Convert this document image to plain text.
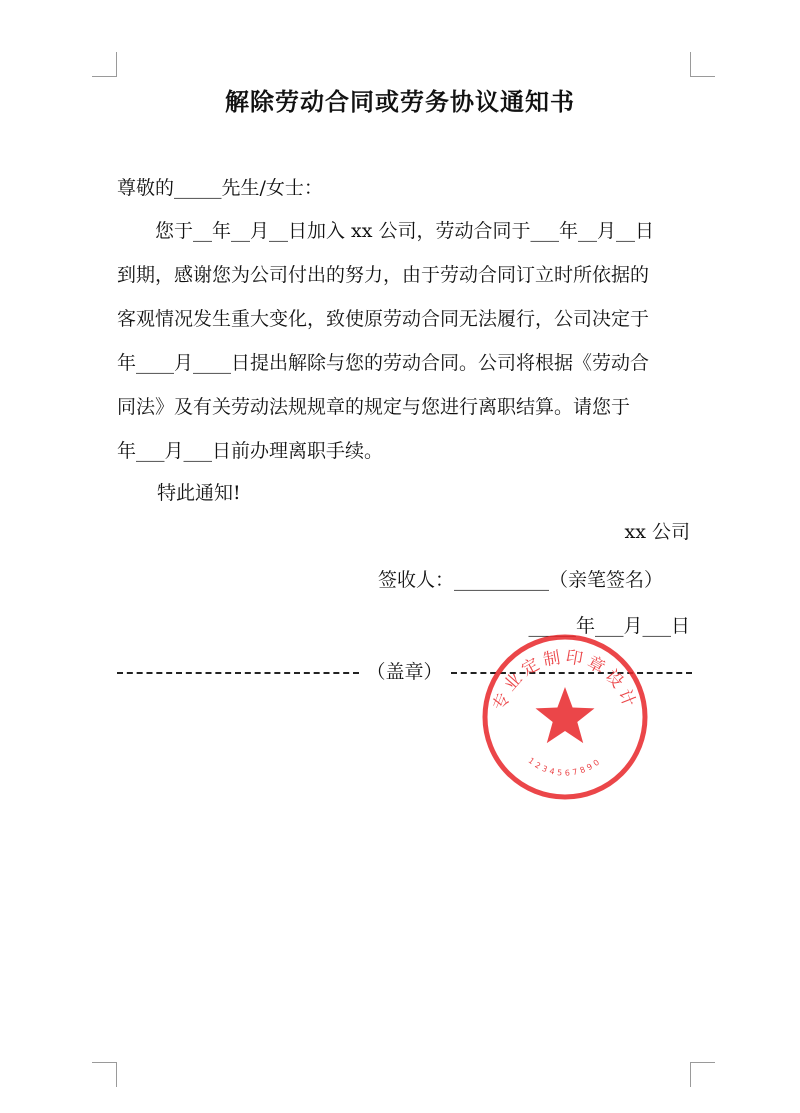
解除劳动合同或劳务协议通知书
尊敬的_____先生/女士：
　　您于__年__月__日加入 xx 公司，劳动合同于___年__月__日
到期，感谢您为公司付出的努力，由于劳动合同订立时所依据的
客观情况发生重大变化，致使原劳动合同无法履行，公司决定于
年____月____日提出解除与您的劳动合同。公司将根据《劳动合
同法》及有关劳动法规规章的规定与您进行离职结算。请您于
年___月___日前办理离职手续。
特此通知!
xx 公司
签收人：__________（亲笔签名）
_____年___月___日
（盖章）
专业定制印章设计
1234567890
